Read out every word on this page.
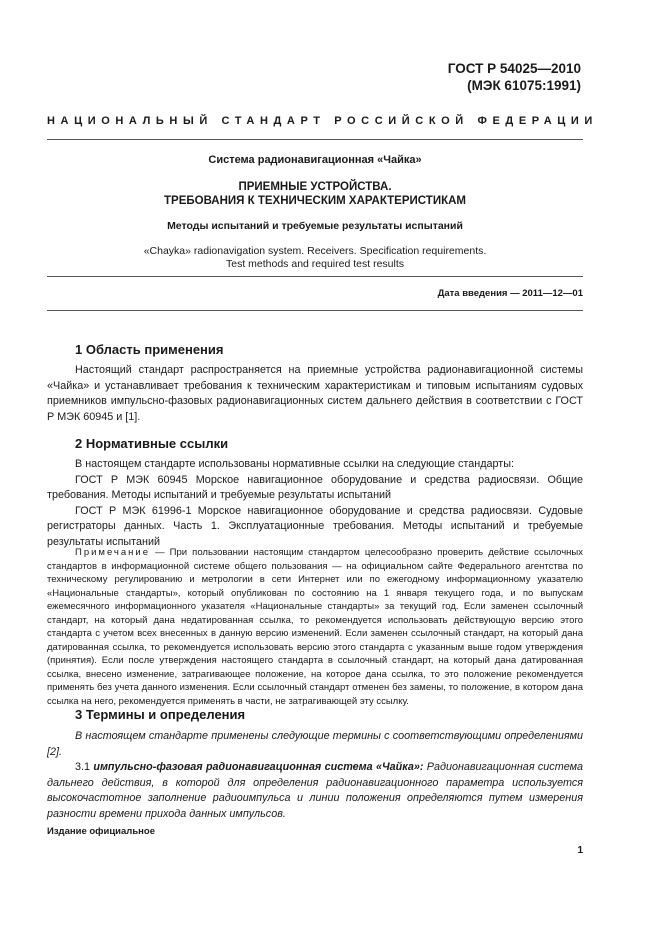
ГОСТ Р 54025—2010
(МЭК 61075:1991)
НАЦИОНАЛЬНЫЙ СТАНДАРТ РОССИЙСКОЙ ФЕДЕРАЦИИ
Система радионавигационная «Чайка»
ПРИЕМНЫЕ УСТРОЙСТВА.
ТРЕБОВАНИЯ К ТЕХНИЧЕСКИМ ХАРАКТЕРИСТИКАМ
Методы испытаний и требуемые результаты испытаний
«Chayka» radionavigation system. Receivers. Specification requirements.
Test methods and required test results
Дата введения — 2011—12—01
1 Область применения

Настоящий стандарт распространяется на приемные устройства радионавигационной системы «Чайка» и устанавливает требования к техническим характеристикам и типовым испытаниям судовых приемников импульсно-фазовых радионавигационных систем дальнего действия в соответствии с ГОСТ Р МЭК 60945 и [1].

2 Нормативные ссылки

В настоящем стандарте использованы нормативные ссылки на следующие стандарты:

ГОСТ Р МЭК 60945 Морское навигационное оборудование и средства радиосвязи. Общие требования. Методы испытаний и требуемые результаты испытаний

ГОСТ Р МЭК 61996-1 Морское навигационное оборудование и средства радиосвязи. Судовые регистраторы данных. Часть 1. Эксплуатационные требования. Методы испытаний и требуемые результаты испытаний

Примечание — При пользовании настоящим стандартом целесообразно проверить действие ссылочных стандартов в информационной системе общего пользования — на официальном сайте Федерального агентства по техническому регулированию и метрологии в сети Интернет или по ежегодному информационному указателю «Национальные стандарты», который опубликован по состоянию на 1 января текущего года, и по выпускам ежемесячного информационного указателя «Национальные стандарты» за текущий год. Если заменен ссылочный стандарт, на который дана недатированная ссылка, то рекомендуется использовать действующую версию этого стандарта с учетом всех внесенных в данную версию изменений. Если заменен ссылочный стандарт, на который дана датированная ссылка, то рекомендуется использовать версию этого стандарта с указанным выше годом утверждения (принятия). Если после утверждения настоящего стандарта в ссылочный стандарт, на который дана датированная ссылка, внесено изменение, затрагивающее положение, на которое дана ссылка, то это положение рекомендуется применять без учета данного изменения. Если ссылочный стандарт отменен без замены, то положение, в котором дана ссылка на него, рекомендуется применять в части, не затрагивающей эту ссылку.
3 Термины и определения

В настоящем стандарте применены следующие термины с соответствующими определениями [2].

3.1 импульсно-фазовая радионавигационная система «Чайка»: Радионавигационная система дальнего действия, в которой для определения радионавигационного параметра используется высокочастотное заполнение радиоимпульса и линии положения определяются путем измерения разности времени прихода данных импульсов.

Издание официальное
1
